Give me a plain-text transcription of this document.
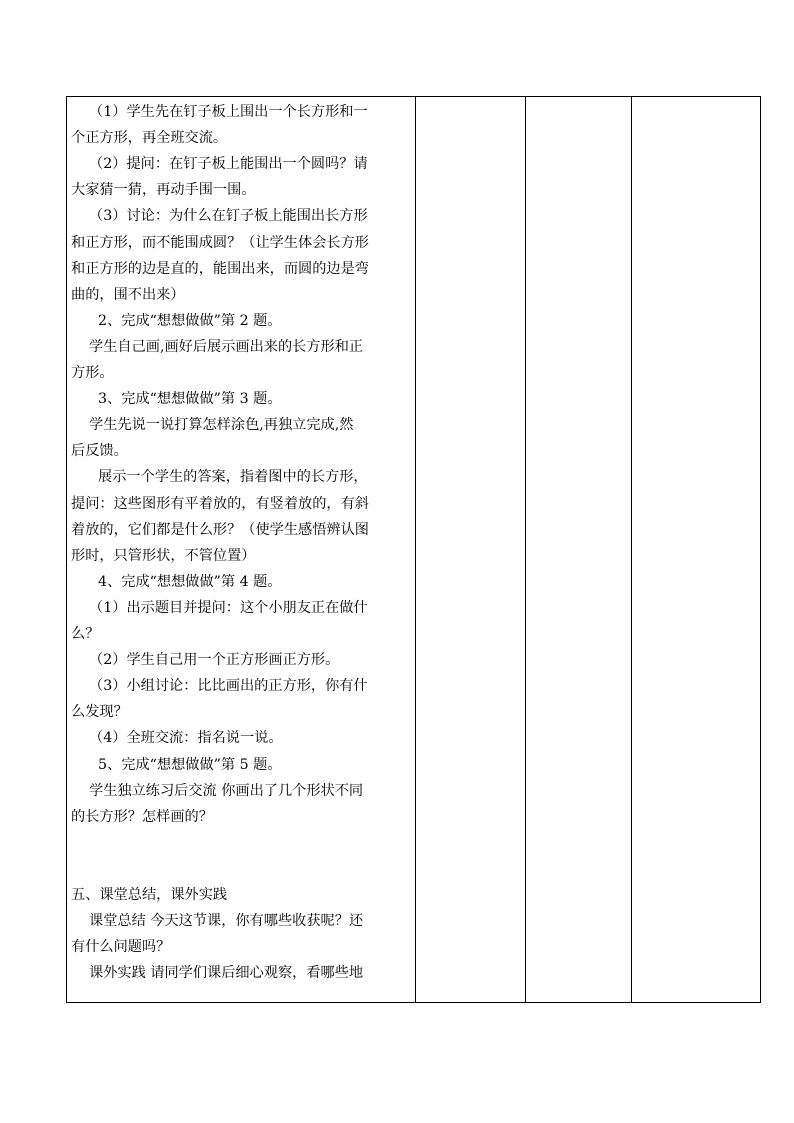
（1）学生先在钉子板上围出一个长方形和一
个正方形，再全班交流。
（2）提问：在钉子板上能围出一个圆吗？请
大家猜一猜，再动手围一围。
（3）讨论：为什么在钉子板上能围出长方形
和正方形，而不能围成圆？（让学生体会长方形
和正方形的边是直的，能围出来，而圆的边是弯
曲的，围不出来）
2、完成“想想做做”第 2 题。
学生自己画,画好后展示画出来的长方形和正
方形。
3、完成“想想做做”第 3 题。
学生先说一说打算怎样涂色,再独立完成,然
后反馈。
展示一个学生的答案，指着图中的长方形，
提问：这些图形有平着放的，有竖着放的，有斜
着放的，它们都是什么形？（使学生感悟辨认图
形时，只管形状，不管位置）
4、完成“想想做做”第 4 题。
（1）出示题目并提问：这个小朋友正在做什
么？
（2）学生自己用一个正方形画正方形。
（3）小组讨论：比比画出的正方形，你有什
么发现？
（4）全班交流：指名说一说。
5、完成“想想做做”第 5 题。
学生独立练习后交流 你画出了几个形状不同
的长方形？怎样画的？
五、课堂总结，课外实践
课堂总结 今天这节课，你有哪些收获呢？还
有什么问题吗？
课外实践 请同学们课后细心观察，看哪些地
